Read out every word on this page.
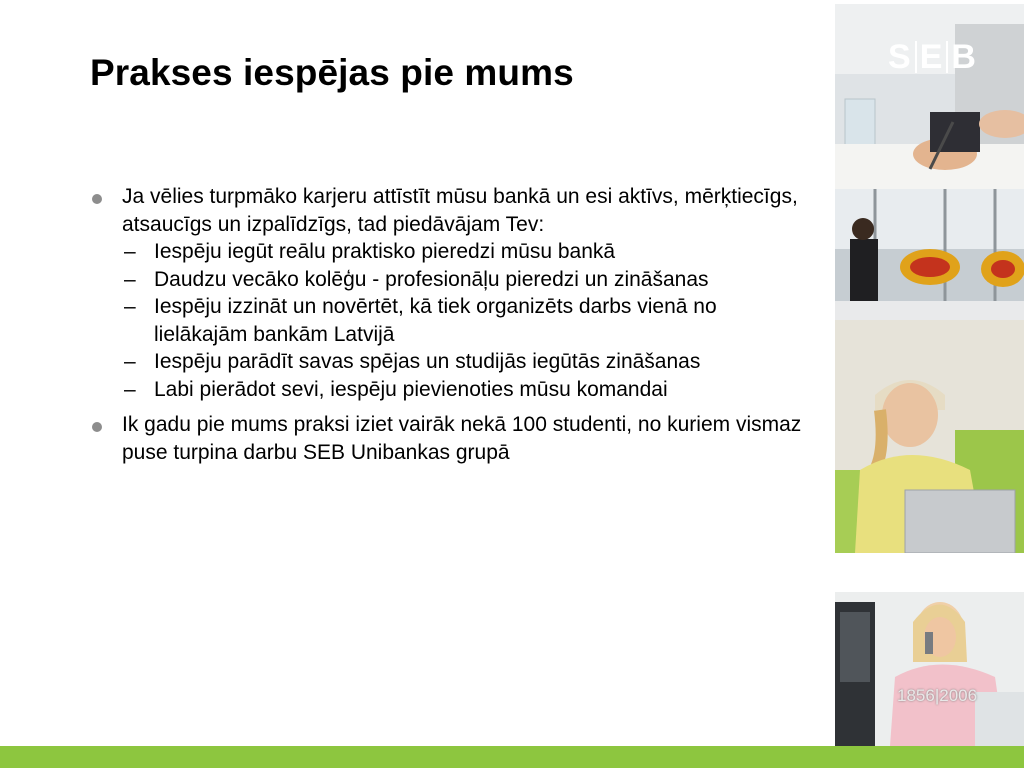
Prakses iespējas pie mums
Ja vēlies turpmāko karjeru attīstīt mūsu bankā un esi aktīvs, mērķtiecīgs, atsaucīgs un izpalīdzīgs, tad piedāvājam Tev:
– Iespēju iegūt reālu praktisko pieredzi mūsu bankā
– Daudzu vecāko kolēģu - profesionāļu pieredzi un zināšanas
– Iespēju izzināt un novērtēt, kā tiek organizēts darbs vienā no lielākajām bankām Latvijā
– Iespēju parādīt savas spējas un studijās iegūtās zināšanas
– Labi pierādot sevi, iespēju pievienoties mūsu komandai
Ik gadu pie mums praksi iziet vairāk nekā 100 studenti, no kuriem vismaz puse turpina darbu SEB Unibankas grupā
S E B
1856|2006
